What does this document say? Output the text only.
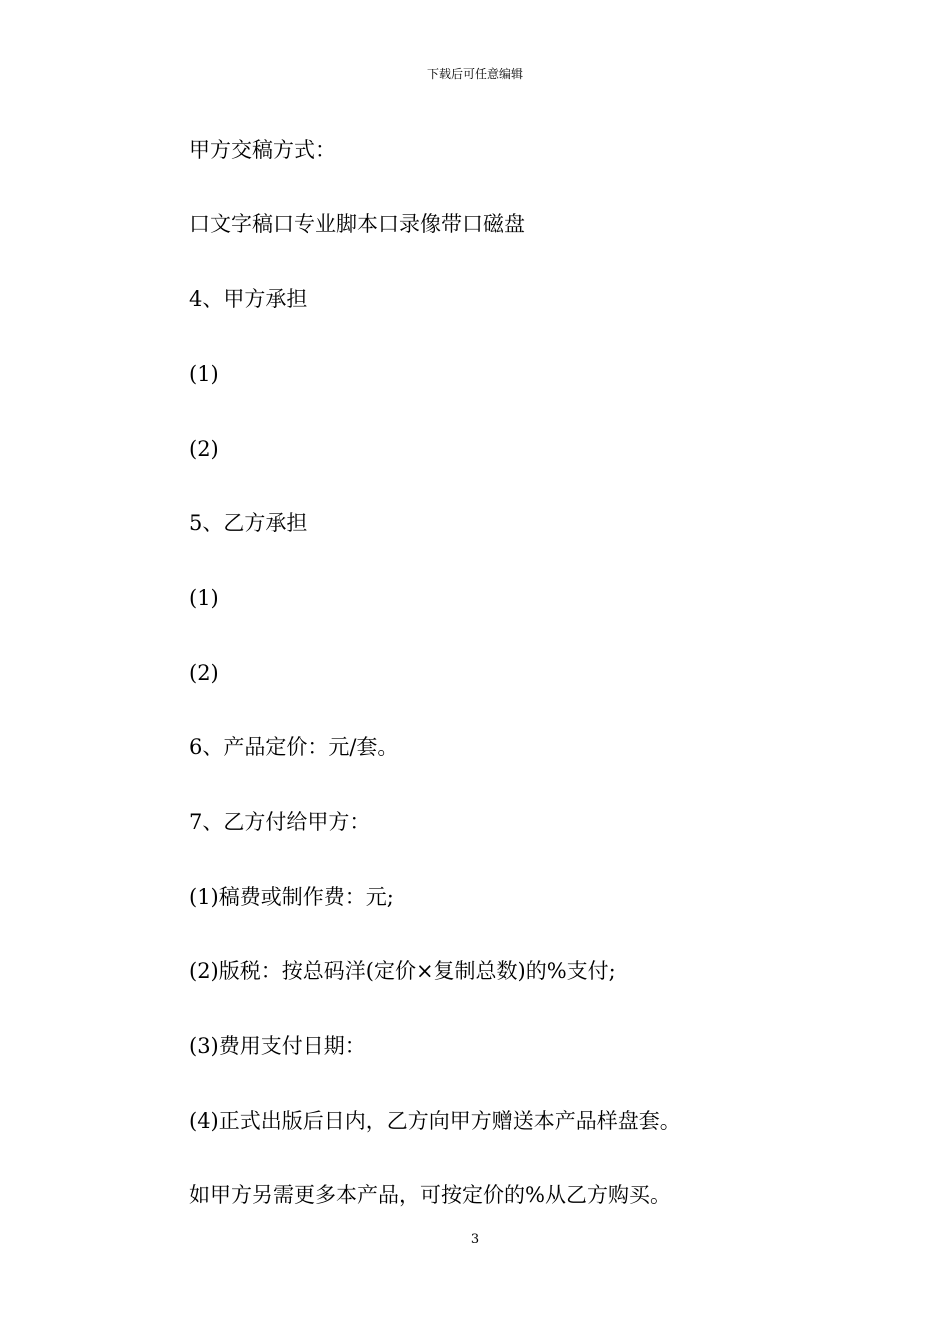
下载后可任意编辑
甲方交稿方式：
口文字稿口专业脚本口录像带口磁盘
4、甲方承担
(1)
(2)
5、乙方承担
(1)
(2)
6、产品定价：元/套。
7、乙方付给甲方：
(1)稿费或制作费：元;
(2)版税：按总码洋(定价×复制总数)的%支付;
(3)费用支付日期：
(4)正式出版后日内，乙方向甲方赠送本产品样盘套。
如甲方另需更多本产品，可按定价的%从乙方购买。
3
